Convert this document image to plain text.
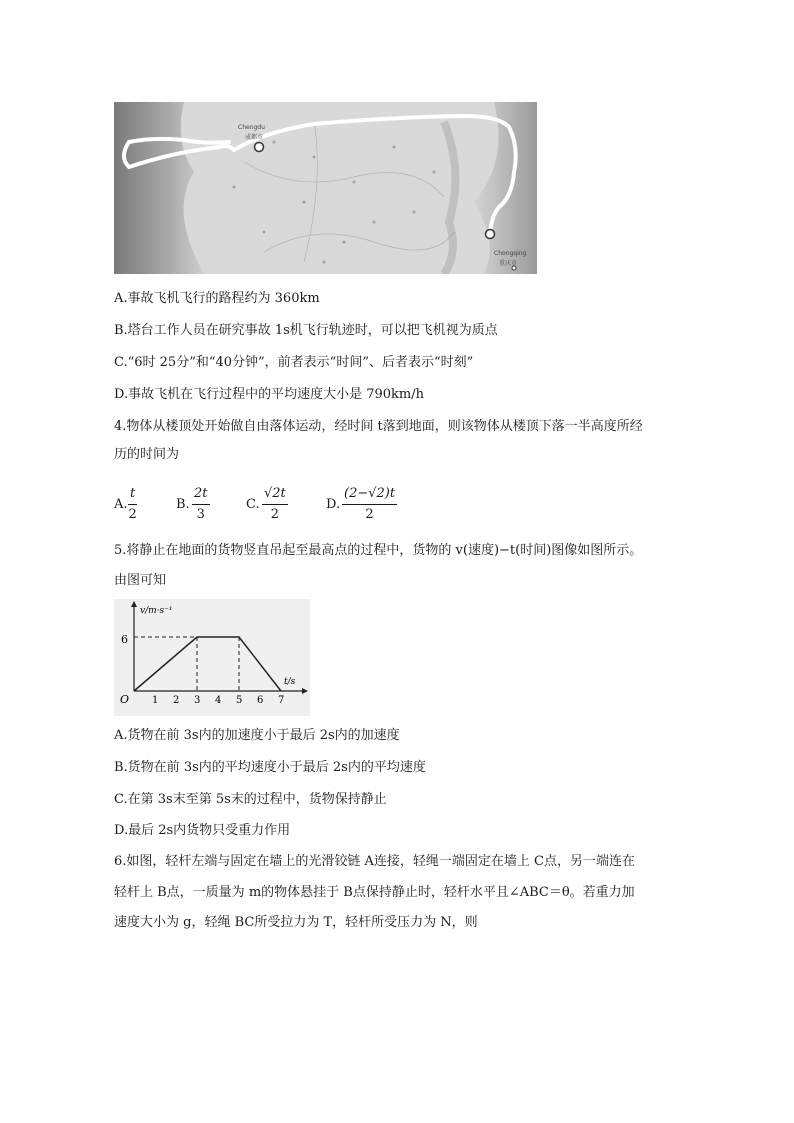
Chengdu
成都市
Chongqing
重庆市
A.事故飞机飞行的路程约为 360km
B.塔台工作人员在研究事故 1s机飞行轨迹时，可以把飞机视为质点
C.“6时 25分”和“40分钟”，前者表示“时间”、后者表示“时刻”
D.事故飞机在飞行过程中的平均速度大小是 790km/h
4.物体从楼顶处开始做自由落体运动，经时间 t落到地面，则该物体从楼顶下落一半高度所经
历的时间为
A. $\frac{t}{2}$	B. $\frac{2t}{3}$	C. $\frac{√2t}{2}$	D. $\frac{(2-√2)t}{2}$
5.将静止在地面的货物竖直吊起至最高点的过程中，货物的 v(速度)−t(时间)图像如图所示。
由图可知
v/m·s⁻¹
t/s
O
6
1 2 3 4 5 6 7
A.货物在前 3s内的加速度小于最后 2s内的加速度
B.货物在前 3s内的平均速度小于最后 2s内的平均速度
C.在第 3s末至第 5s末的过程中，货物保持静止
D.最后 2s内货物只受重力作用
6.如图，轻杆左端与固定在墙上的光滑铰链 A连接，轻绳一端固定在墙上 C点，另一端连在
轻杆上 B点，一质量为 m的物体悬挂于 B点保持静止时，轻杆水平且∠ABC＝θ。若重力加
速度大小为 g，轻绳 BC所受拉力为 T，轻杆所受压力为 N，则
